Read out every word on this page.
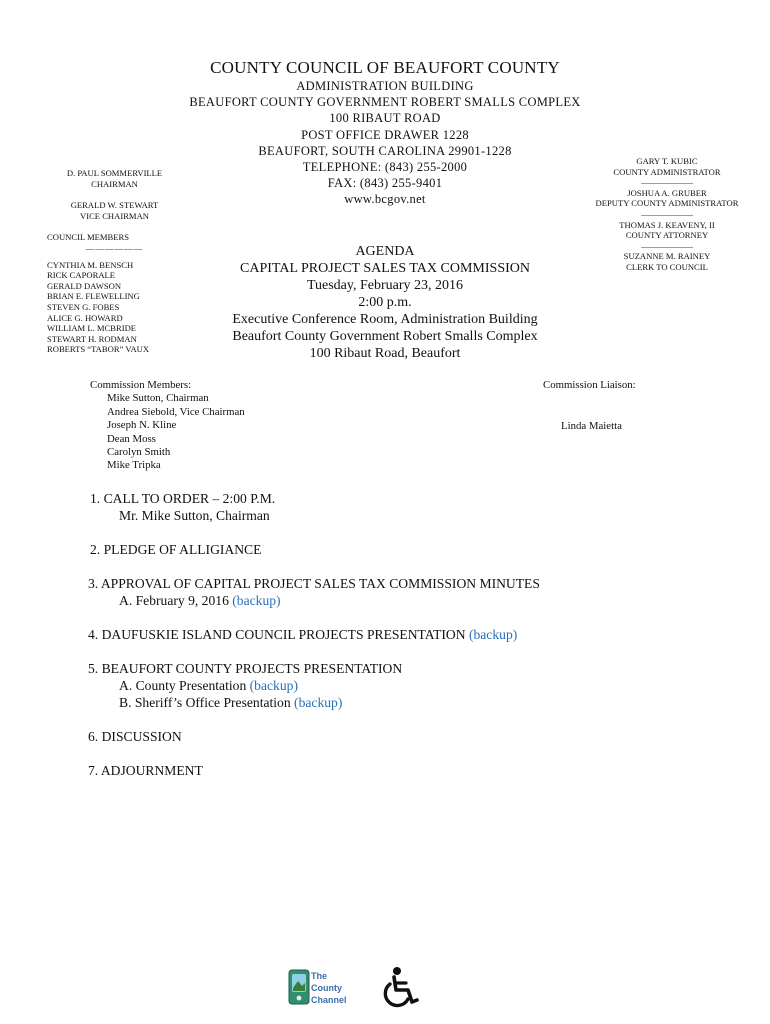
COUNTY COUNCIL OF BEAUFORT COUNTY
ADMINISTRATION BUILDING
BEAUFORT COUNTY GOVERNMENT ROBERT SMALLS COMPLEX
100 RIBAUT ROAD
POST OFFICE DRAWER 1228
BEAUFORT, SOUTH CAROLINA 29901-1228
TELEPHONE: (843) 255-2000
FAX: (843) 255-9401
www.bcgov.net
D. PAUL SOMMERVILLE
CHAIRMAN
GERALD W. STEWART
VICE CHAIRMAN
COUNCIL MEMBERS
——————
CYNTHIA M. BENSCH
RICK CAPORALE
GERALD DAWSON
BRIAN E. FLEWELLING
STEVEN G. FOBES
ALICE G. HOWARD
WILLIAM L. MCBRIDE
STEWART H. RODMAN
ROBERTS “TABOR” VAUX
GARY T. KUBIC
COUNTY ADMINISTRATOR
——————
JOSHUA A. GRUBER
DEPUTY COUNTY ADMINISTRATOR
——————
THOMAS J. KEAVENY, II
COUNTY ATTORNEY
——————
SUZANNE M. RAINEY
CLERK TO COUNCIL
AGENDA
CAPITAL PROJECT SALES TAX COMMISSION
Tuesday, February 23, 2016
2:00 p.m.
Executive Conference Room, Administration Building
Beaufort County Government Robert Smalls Complex
100 Ribaut Road, Beaufort
Commission Members:
Mike Sutton, Chairman
Andrea Siebold, Vice Chairman
Joseph N. Kline
Dean Moss
Carolyn Smith
Mike Tripka
Commission Liaison:
Linda Maietta
1. CALL TO ORDER – 2:00 P.M.
Mr. Mike Sutton, Chairman
2. PLEDGE OF ALLIGIANCE
3. APPROVAL OF CAPITAL PROJECT SALES TAX COMMISSION MINUTES
A. February 9, 2016 (backup)
4. DAUFUSKIE ISLAND COUNCIL PROJECTS PRESENTATION (backup)
5. BEAUFORT COUNTY PROJECTS PRESENTATION
A. County Presentation (backup)
B. Sheriff’s Office Presentation (backup)
6. DISCUSSION
7. ADJOURNMENT
The
County
Channel
